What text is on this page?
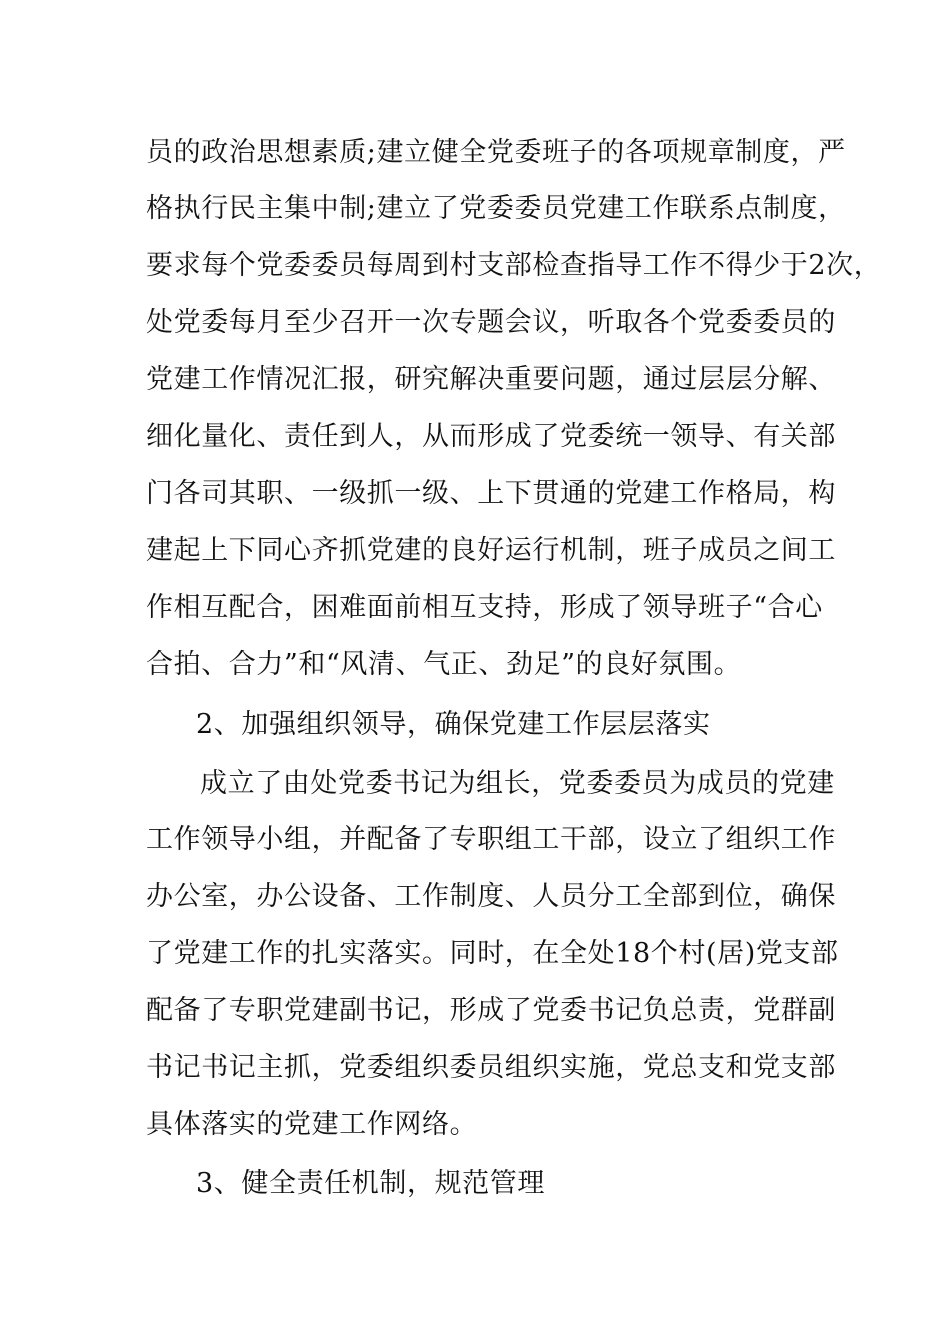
员的政治思想素质;建立健全党委班子的各项规章制度，严
格执行民主集中制;建立了党委委员党建工作联系点制度，
要求每个党委委员每周到村支部检查指导工作不得少于2次，
处党委每月至少召开一次专题会议，听取各个党委委员的
党建工作情况汇报，研究解决重要问题，通过层层分解、
细化量化、责任到人，从而形成了党委统一领导、有关部
门各司其职、一级抓一级、上下贯通的党建工作格局，构
建起上下同心齐抓党建的良好运行机制，班子成员之间工
作相互配合，困难面前相互支持，形成了领导班子“合心
合拍、合力”和“风清、气正、劲足”的良好氛围。
2、加强组织领导，确保党建工作层层落实
成立了由处党委书记为组长，党委委员为成员的党建
工作领导小组，并配备了专职组工干部，设立了组织工作
办公室，办公设备、工作制度、人员分工全部到位，确保
了党建工作的扎实落实。同时，在全处18个村(居)党支部
配备了专职党建副书记，形成了党委书记负总责，党群副
书记书记主抓，党委组织委员组织实施，党总支和党支部
具体落实的党建工作网络。
3、健全责任机制，规范管理
